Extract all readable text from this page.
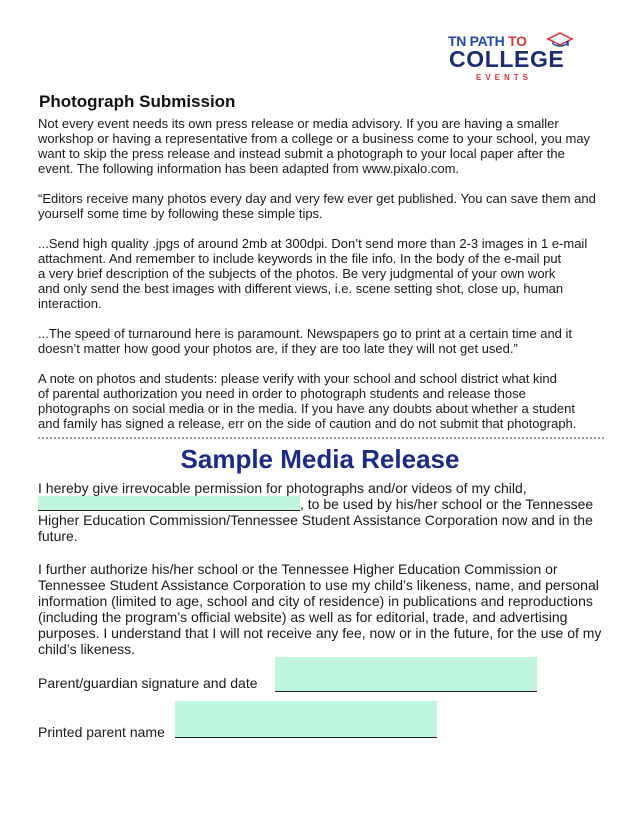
TN PATH TO
COLLEGE
EVENTS
Photograph Submission
Not every event needs its own press release or media advisory. If you are having a smaller
workshop or having a representative from a college or a business come to your school, you may
want to skip the press release and instead submit a photograph to your local paper after the
event. The following information has been adapted from www.pixalo.com.
“Editors receive many photos every day and very few ever get published. You can save them and
yourself some time by following these simple tips.
...Send high quality .jpgs of around 2mb at 300dpi. Don’t send more than 2-3 images in 1 e-mail
attachment. And remember to include keywords in the file info. In the body of the e-mail put
a very brief description of the subjects of the photos. Be very judgmental of your own work
and only send the best images with different views, i.e. scene setting shot, close up, human
interaction.
...The speed of turnaround here is paramount. Newspapers go to print at a certain time and it
doesn’t matter how good your photos are, if they are too late they will not get used.”
A note on photos and students: please verify with your school and school district what kind
of parental authorization you need in order to photograph students and release those
photographs on social media or in the media. If you have any doubts about whether a student
and family has signed a release, err on the side of caution and do not submit that photograph.
Sample Media Release
I hereby give irrevocable permission for photographs and/or videos of my child, , to be used by his/her school or the Tennessee Higher Education Commission/Tennessee Student Assistance Corporation now and in the future.
I further authorize his/her school or the Tennessee Higher Education Commission or Tennessee Student Assistance Corporation to use my child’s likeness, name, and personal information (limited to age, school and city of residence) in publications and reproductions (including the program’s official website) as well as for editorial, trade, and advertising purposes. I understand that I will not receive any fee, now or in the future, for the use of my child’s likeness.
Parent/guardian signature and date
Printed parent name
